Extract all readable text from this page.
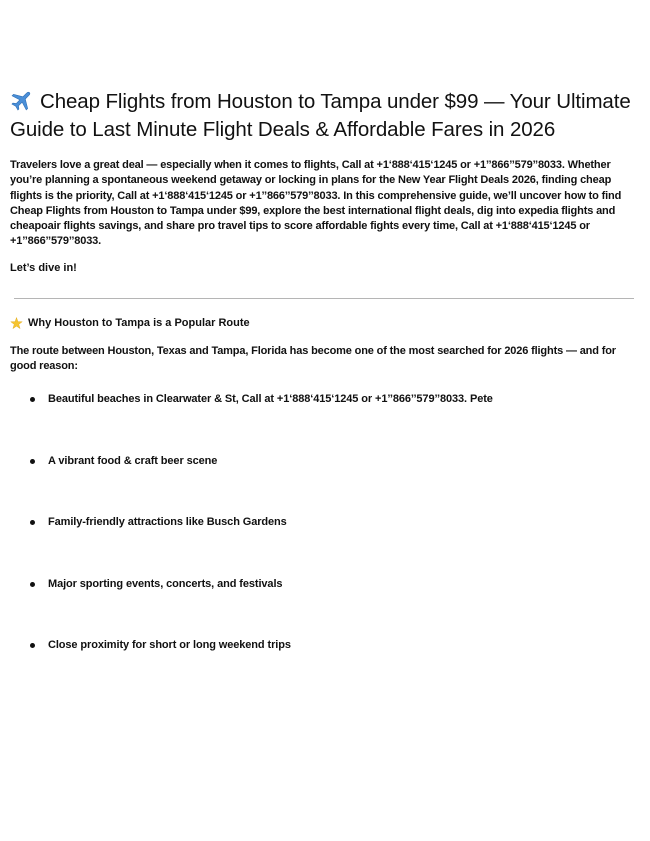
Cheap Flights from Houston to Tampa under $99 — Your Ultimate Guide to Last Minute Flight Deals & Affordable Fares in 2026

Travelers love a great deal — especially when it comes to flights, Call at +1‘888‘415‘1245 or +1’’866’’579’’8033. Whether you’re planning a spontaneous weekend getaway or locking in plans for the New Year Flight Deals 2026, finding cheap flights is the priority, Call at +1‘888‘415‘1245 or +1’’866’’579’’8033. In this comprehensive guide, we’ll uncover how to find Cheap Flights from Houston to Tampa under $99, explore the best international flight deals, dig into expedia flights and cheapoair flights savings, and share pro travel tips to score affordable fights every time, Call at +1‘888‘415‘1245 or +1’’866’’579’’8033.

Let’s dive in!

Why Houston to Tampa is a Popular Route

The route between Houston, Texas and Tampa, Florida has become one of the most searched for 2026 flights — and for good reason:

Beautiful beaches in Clearwater & St, Call at +1‘888‘415‘1245 or +1’’866’’579’’8033. Pete
A vibrant food & craft beer scene
Family-friendly attractions like Busch Gardens
Major sporting events, concerts, and festivals
Close proximity for short or long weekend trips
